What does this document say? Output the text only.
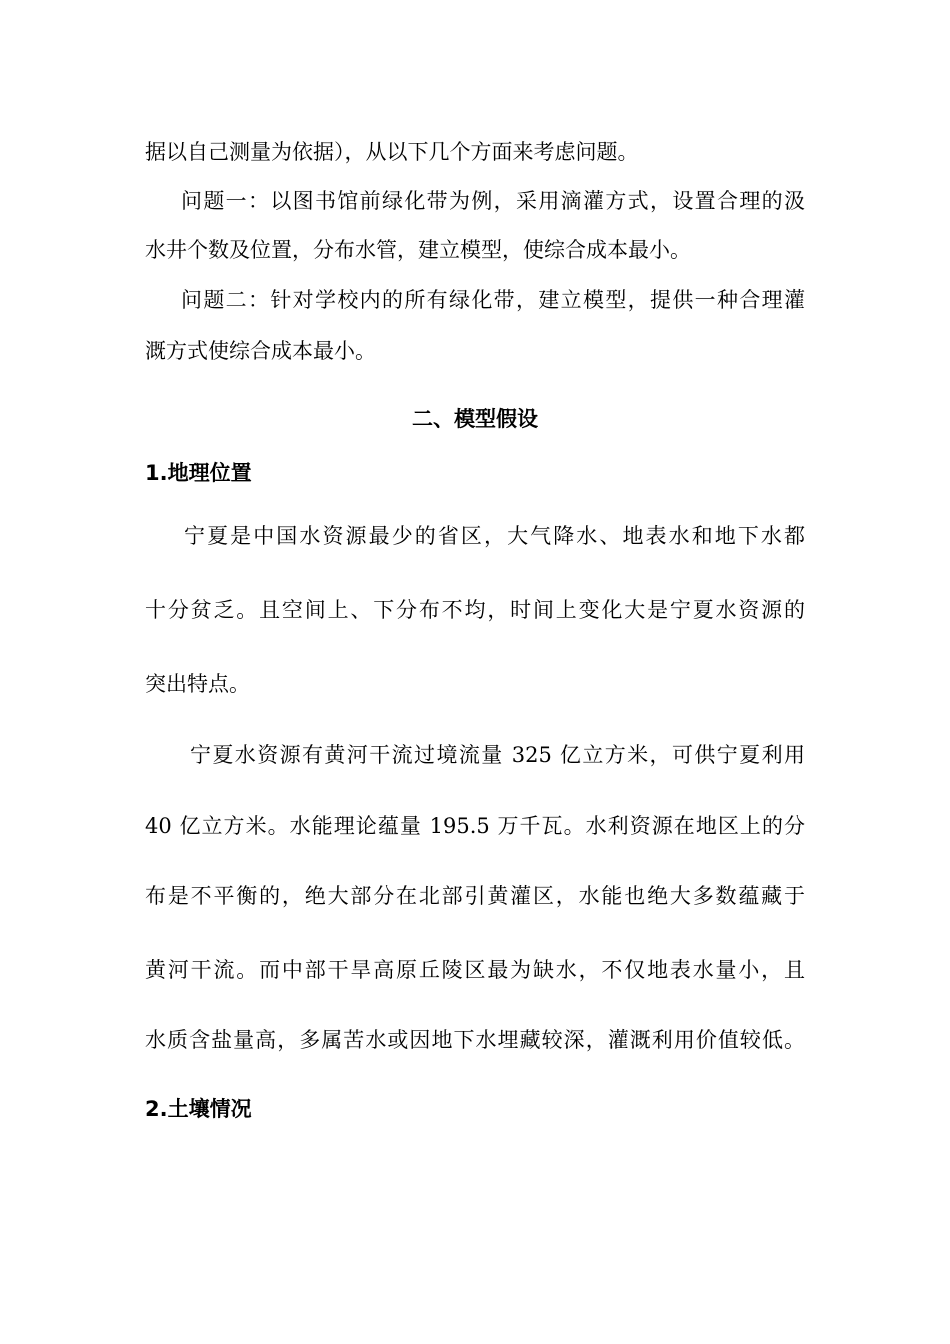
据以自己测量为依据），从以下几个方面来考虑问题。
问题一：以图书馆前绿化带为例，采用滴灌方式，设置合理的汲
水井个数及位置，分布水管，建立模型，使综合成本最小。
问题二：针对学校内的所有绿化带，建立模型，提供一种合理灌
溉方式使综合成本最小。
二、模型假设
1.地理位置
宁夏是中国水资源最少的省区，大气降水、地表水和地下水都
十分贫乏。且空间上、下分布不均，时间上变化大是宁夏水资源的
突出特点。
宁夏水资源有黄河干流过境流量 325 亿立方米，可供宁夏利用
40 亿立方米。水能理论蕴量 195.5 万千瓦。水利资源在地区上的分
布是不平衡的，绝大部分在北部引黄灌区，水能也绝大多数蕴藏于
黄河干流。而中部干旱高原丘陵区最为缺水，不仅地表水量小，且
水质含盐量高，多属苦水或因地下水埋藏较深，灌溉利用价值较低。
2.土壤情况
